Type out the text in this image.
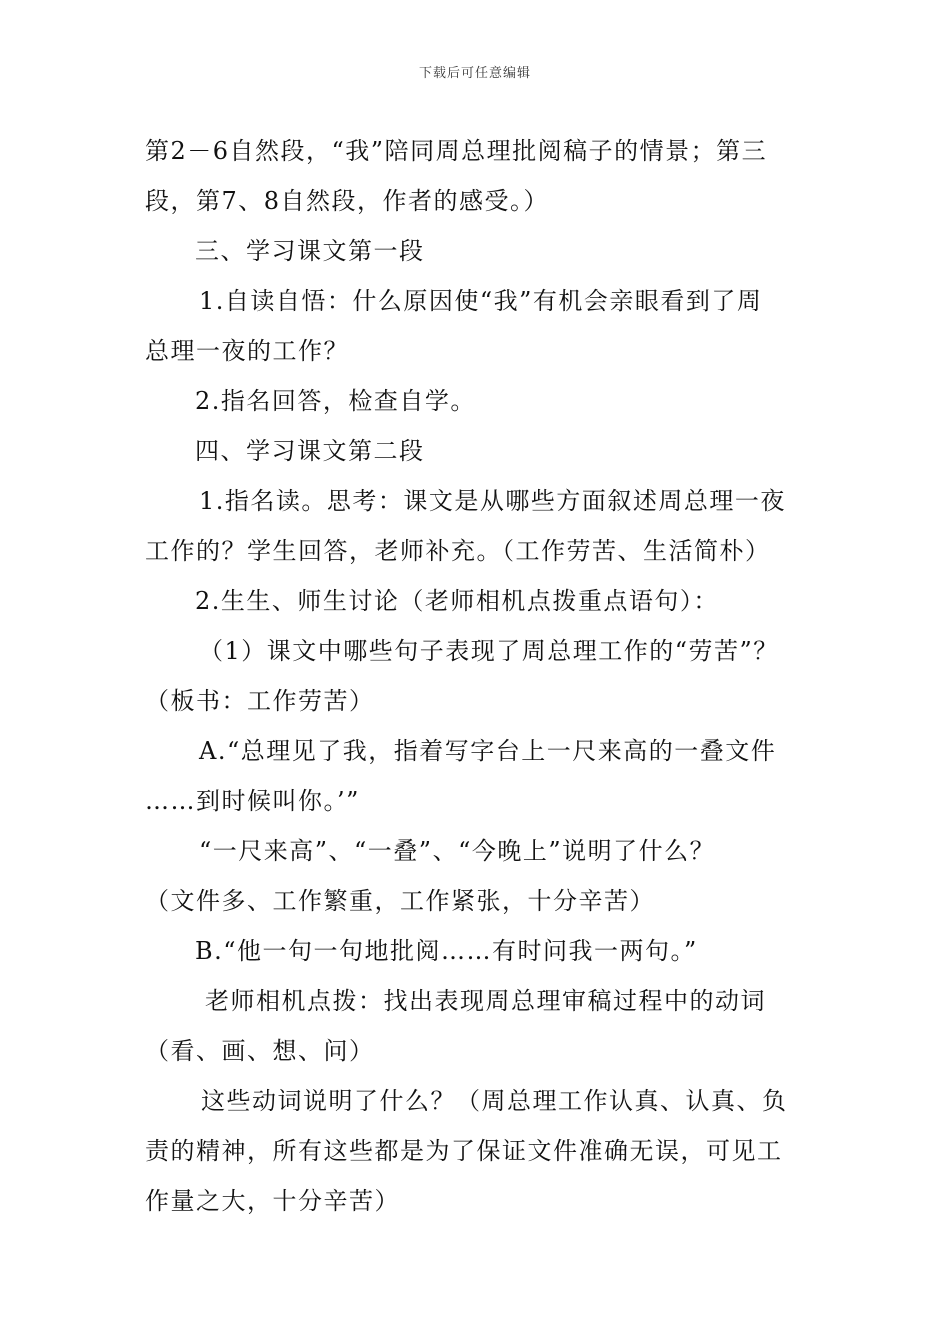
下载后可任意编辑
第2－6自然段，“我”陪同周总理批阅稿子的情景；第三
段，第7、8自然段，作者的感受。）
三、学习课文第一段
1.自读自悟：什么原因使“我”有机会亲眼看到了周
总理一夜的工作？
2.指名回答，检查自学。
四、学习课文第二段
1.指名读。思考：课文是从哪些方面叙述周总理一夜
工作的？学生回答，老师补充。（工作劳苦、生活简朴）
2.生生、师生讨论（老师相机点拨重点语句）：
（1）课文中哪些句子表现了周总理工作的“劳苦”？
（板书：工作劳苦）
A.“总理见了我，指着写字台上一尺来高的一叠文件
……到时候叫你。’”
“一尺来高”、“一叠”、“今晚上”说明了什么？
（文件多、工作繁重，工作紧张，十分辛苦）
B.“他一句一句地批阅……有时问我一两句。”
老师相机点拨：找出表现周总理审稿过程中的动词
（看、画、想、问）
这些动词说明了什么？（周总理工作认真、认真、负
责的精神，所有这些都是为了保证文件准确无误，可见工
作量之大，十分辛苦）
